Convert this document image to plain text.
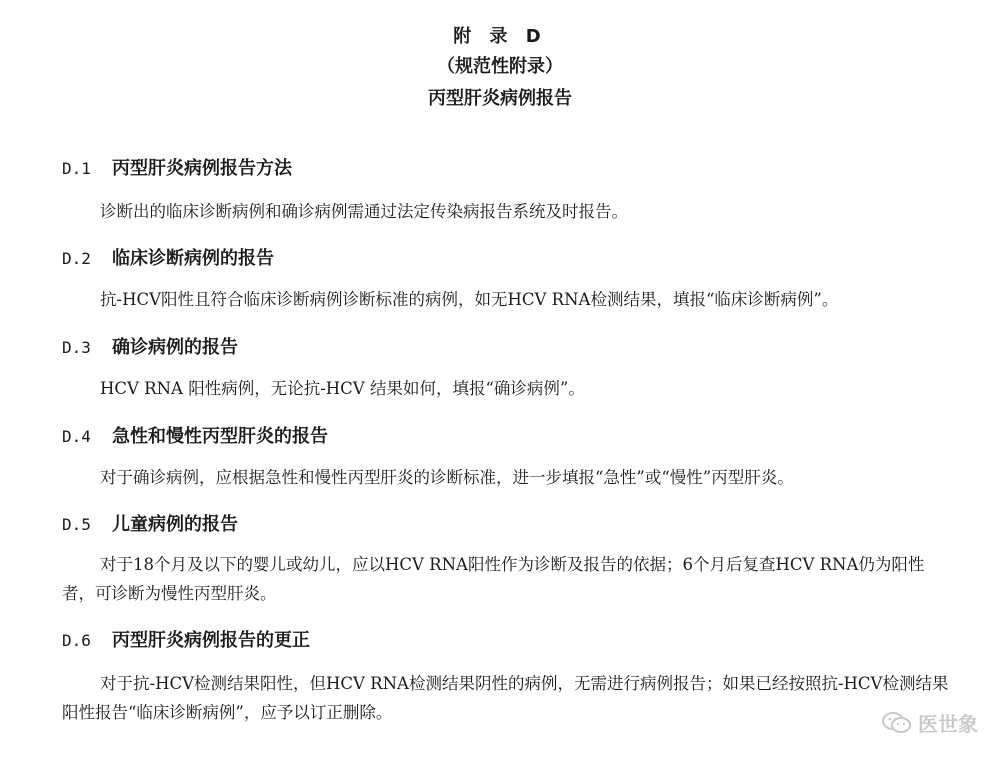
附 录 D
（规范性附录）
丙型肝炎病例报告
D.1 丙型肝炎病例报告方法
诊断出的临床诊断病例和确诊病例需通过法定传染病报告系统及时报告。
D.2 临床诊断病例的报告
抗-HCV阳性且符合临床诊断病例诊断标准的病例，如无HCV RNA检测结果，填报“临床诊断病例”。
D.3 确诊病例的报告
HCV RNA 阳性病例，无论抗-HCV 结果如何，填报“确诊病例”。
D.4 急性和慢性丙型肝炎的报告
对于确诊病例，应根据急性和慢性丙型肝炎的诊断标准，进一步填报“急性”或“慢性”丙型肝炎。
D.5 儿童病例的报告
对于18个月及以下的婴儿或幼儿，应以HCV RNA阳性作为诊断及报告的依据；6个月后复查HCV RNA仍为阳性者，可诊断为慢性丙型肝炎。
D.6 丙型肝炎病例报告的更正
对于抗-HCV检测结果阳性，但HCV RNA检测结果阴性的病例，无需进行病例报告；如果已经按照抗-HCV检测结果阳性报告“临床诊断病例”，应予以订正删除。	医世象
